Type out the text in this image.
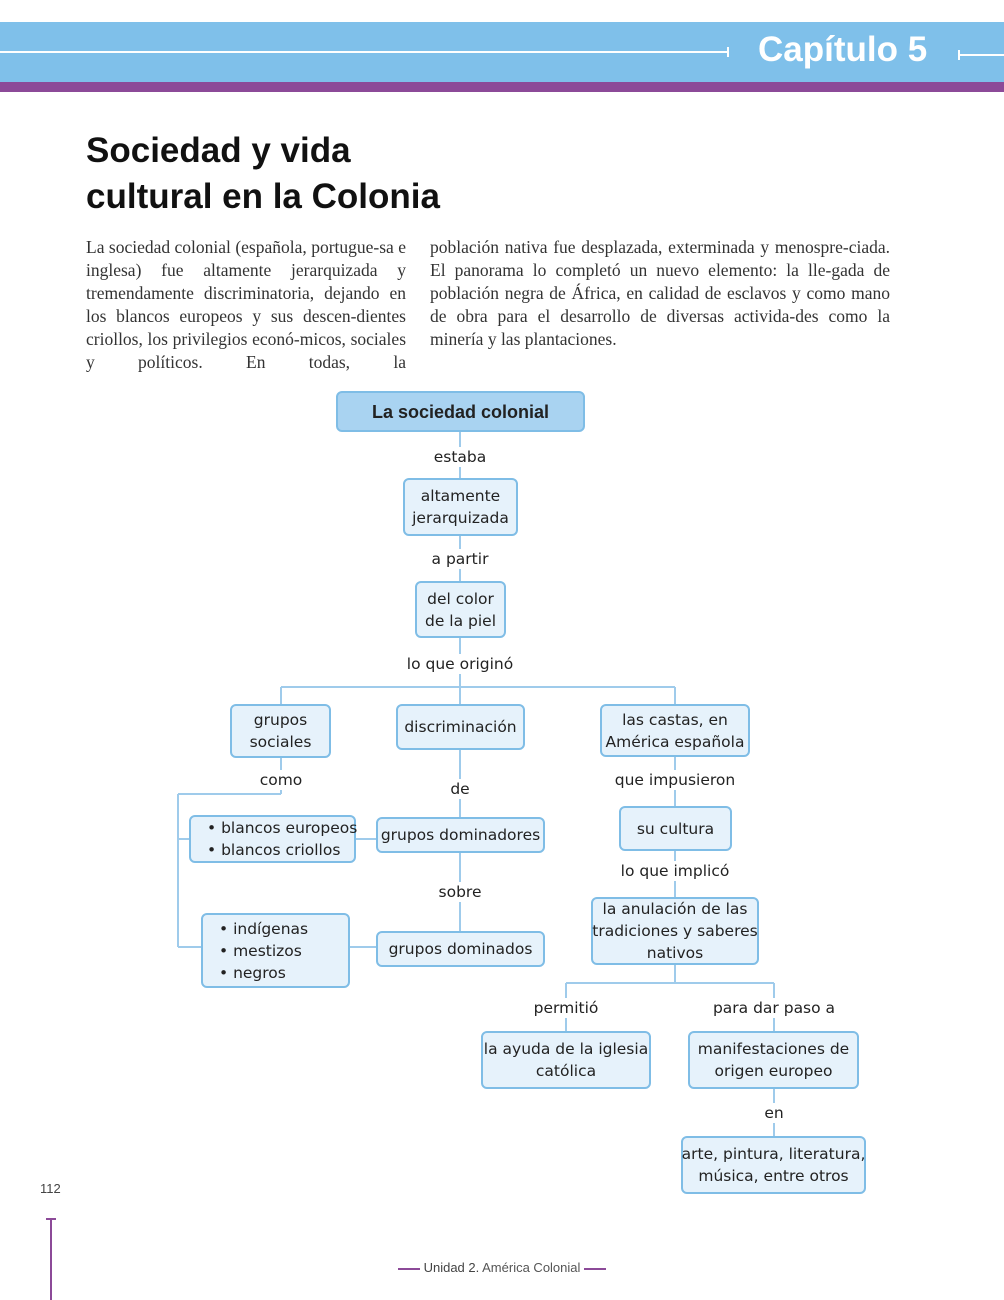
Capítulo 5
Sociedad y vida
cultural en la Colonia
La sociedad colonial (española, portugue-sa e inglesa) fue altamente jerarquizada y tremendamente discriminatoria, dejando en los blancos europeos y sus descen-dientes criollos, los privilegios econó-micos, sociales y políticos. En todas, la
población nativa fue desplazada, exterminada y menospre-ciada. El panorama lo completó un nuevo elemento: la lle-gada de población negra de África, en calidad de esclavos y como mano de obra para el desarrollo de diversas activida-des como la minería y las plantaciones.
estaba
a partir
lo que originó
como	de	que impusieron
sobre
lo que implicó
permitió	para dar paso a
en
La sociedad colonial
altamente
jerarquizada
del color
de la piel
grupos
sociales
discriminación	las castas, en
América española
• blancos europeos
• blancos criollos
grupos dominadores	su cultura
• indígenas
• mestizos
• negros
grupos dominados
la anulación de las
tradiciones y saberes
nativos
la ayuda de la iglesia
católica
manifestaciones de
origen europeo
arte, pintura, literatura,
música, entre otros
112
Unidad 2. América Colonial
